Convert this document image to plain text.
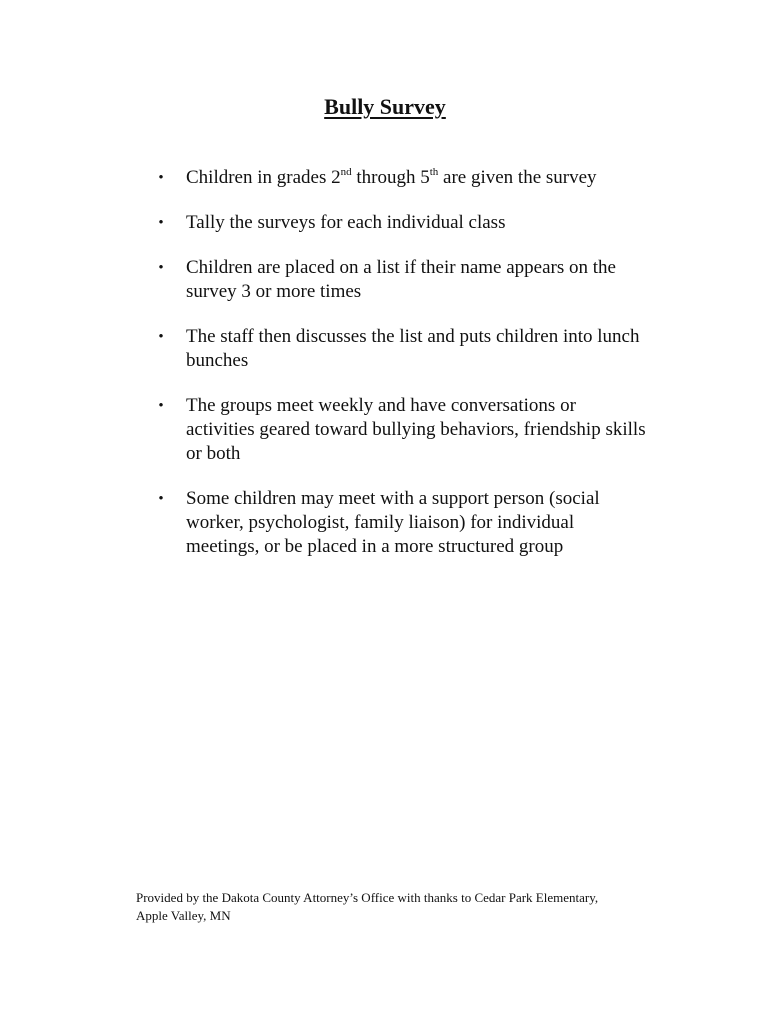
Bully Survey
• Children in grades 2nd through 5th are given the survey
• Tally the surveys for each individual class
• Children are placed on a list if their name appears on the survey 3 or more times
• The staff then discusses the list and puts children into lunch bunches
• The groups meet weekly and have conversations or activities geared toward bullying behaviors, friendship skills or both
• Some children may meet with a support person (social worker, psychologist, family liaison) for individual meetings, or be placed in a more structured group

Provided by the Dakota County Attorney’s Office with thanks to Cedar Park Elementary,
Apple Valley, MN
